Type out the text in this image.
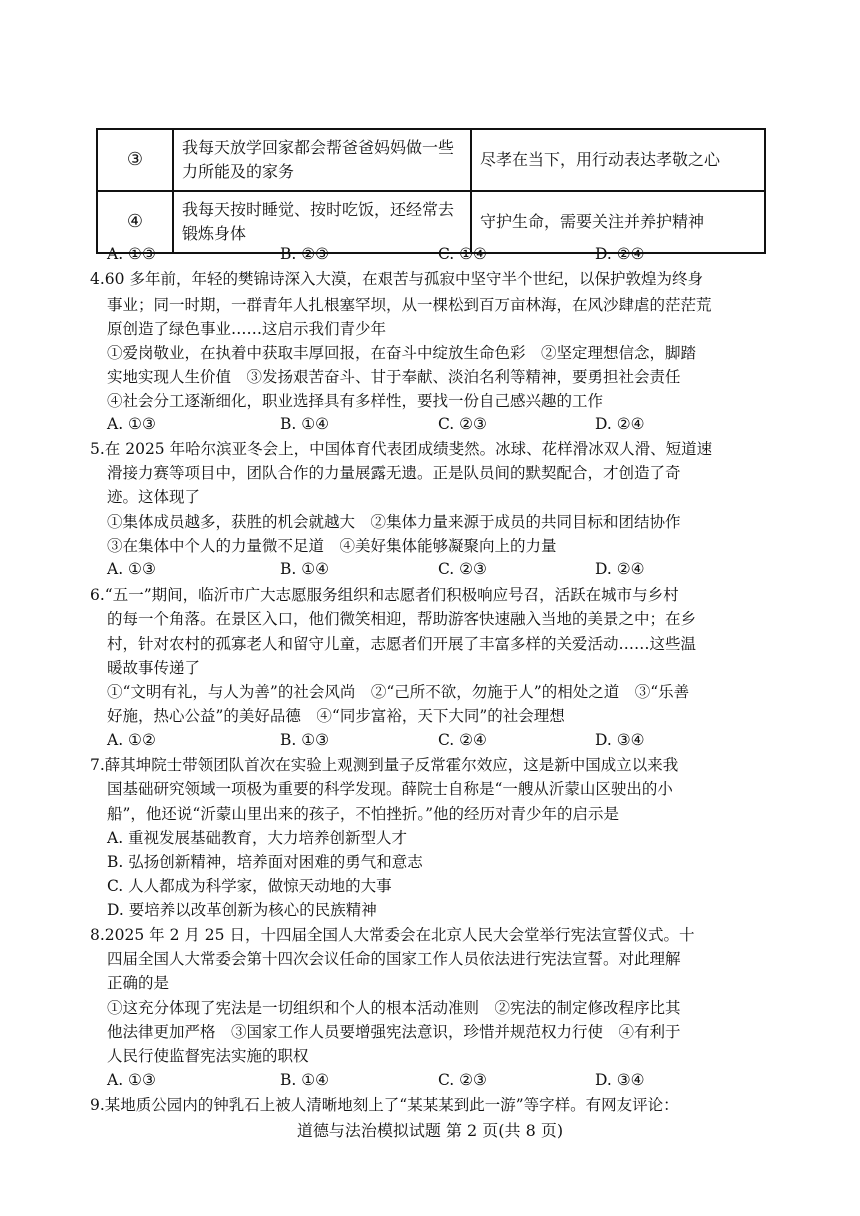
③	我每天放学回家都会帮爸爸妈妈做一些力所能及的家务	尽孝在当下，用行动表达孝敬之心
④	我每天按时睡觉、按时吃饭，还经常去锻炼身体	守护生命，需要关注并养护精神
A. ①③	B. ②③	C. ①④	D. ②④
4.60 多年前，年轻的樊锦诗深入大漠，在艰苦与孤寂中坚守半个世纪，以保护敦煌为终身
事业；同一时期，一群青年人扎根塞罕坝，从一棵松到百万亩林海，在风沙肆虐的茫茫荒
原创造了绿色事业……这启示我们青少年
①爱岗敬业，在执着中获取丰厚回报，在奋斗中绽放生命色彩　②坚定理想信念，脚踏
实地实现人生价值　③发扬艰苦奋斗、甘于奉献、淡泊名利等精神，要勇担社会责任
④社会分工逐渐细化，职业选择具有多样性，要找一份自己感兴趣的工作
A. ①③	B. ①④	C. ②③	D. ②④
5.在 2025 年哈尔滨亚冬会上，中国体育代表团成绩斐然。冰球、花样滑冰双人滑、短道速
滑接力赛等项目中，团队合作的力量展露无遗。正是队员间的默契配合，才创造了奇
迹。这体现了
①集体成员越多，获胜的机会就越大　②集体力量来源于成员的共同目标和团结协作
③在集体中个人的力量微不足道　④美好集体能够凝聚向上的力量
A. ①③	B. ①④	C. ②③	D. ②④
6.“五一”期间，临沂市广大志愿服务组织和志愿者们积极响应号召，活跃在城市与乡村
的每一个角落。在景区入口，他们微笑相迎，帮助游客快速融入当地的美景之中；在乡
村，针对农村的孤寡老人和留守儿童，志愿者们开展了丰富多样的关爱活动……这些温
暖故事传递了
①“文明有礼，与人为善”的社会风尚　②“己所不欲，勿施于人”的相处之道　③“乐善
好施，热心公益”的美好品德　④“同步富裕，天下大同”的社会理想
A. ①②	B. ①③	C. ②④	D. ③④
7.薛其坤院士带领团队首次在实验上观测到量子反常霍尔效应，这是新中国成立以来我
国基础研究领域一项极为重要的科学发现。薛院士自称是“一艘从沂蒙山区驶出的小
船”，他还说“沂蒙山里出来的孩子，不怕挫折。”他的经历对青少年的启示是
A. 重视发展基础教育，大力培养创新型人才
B. 弘扬创新精神，培养面对困难的勇气和意志
C. 人人都成为科学家，做惊天动地的大事
D. 要培养以改革创新为核心的民族精神
8.2025 年 2 月 25 日，十四届全国人大常委会在北京人民大会堂举行宪法宣誓仪式。十
四届全国人大常委会第十四次会议任命的国家工作人员依法进行宪法宣誓。对此理解
正确的是
①这充分体现了宪法是一切组织和个人的根本活动准则　②宪法的制定修改程序比其
他法律更加严格　③国家工作人员要增强宪法意识，珍惜并规范权力行使　④有利于
人民行使监督宪法实施的职权
A. ①③	B. ①④	C. ②③	D. ③④
9.某地质公园内的钟乳石上被人清晰地刻上了“某某某到此一游”等字样。有网友评论：
道德与法治模拟试题 第 2 页(共 8 页)
